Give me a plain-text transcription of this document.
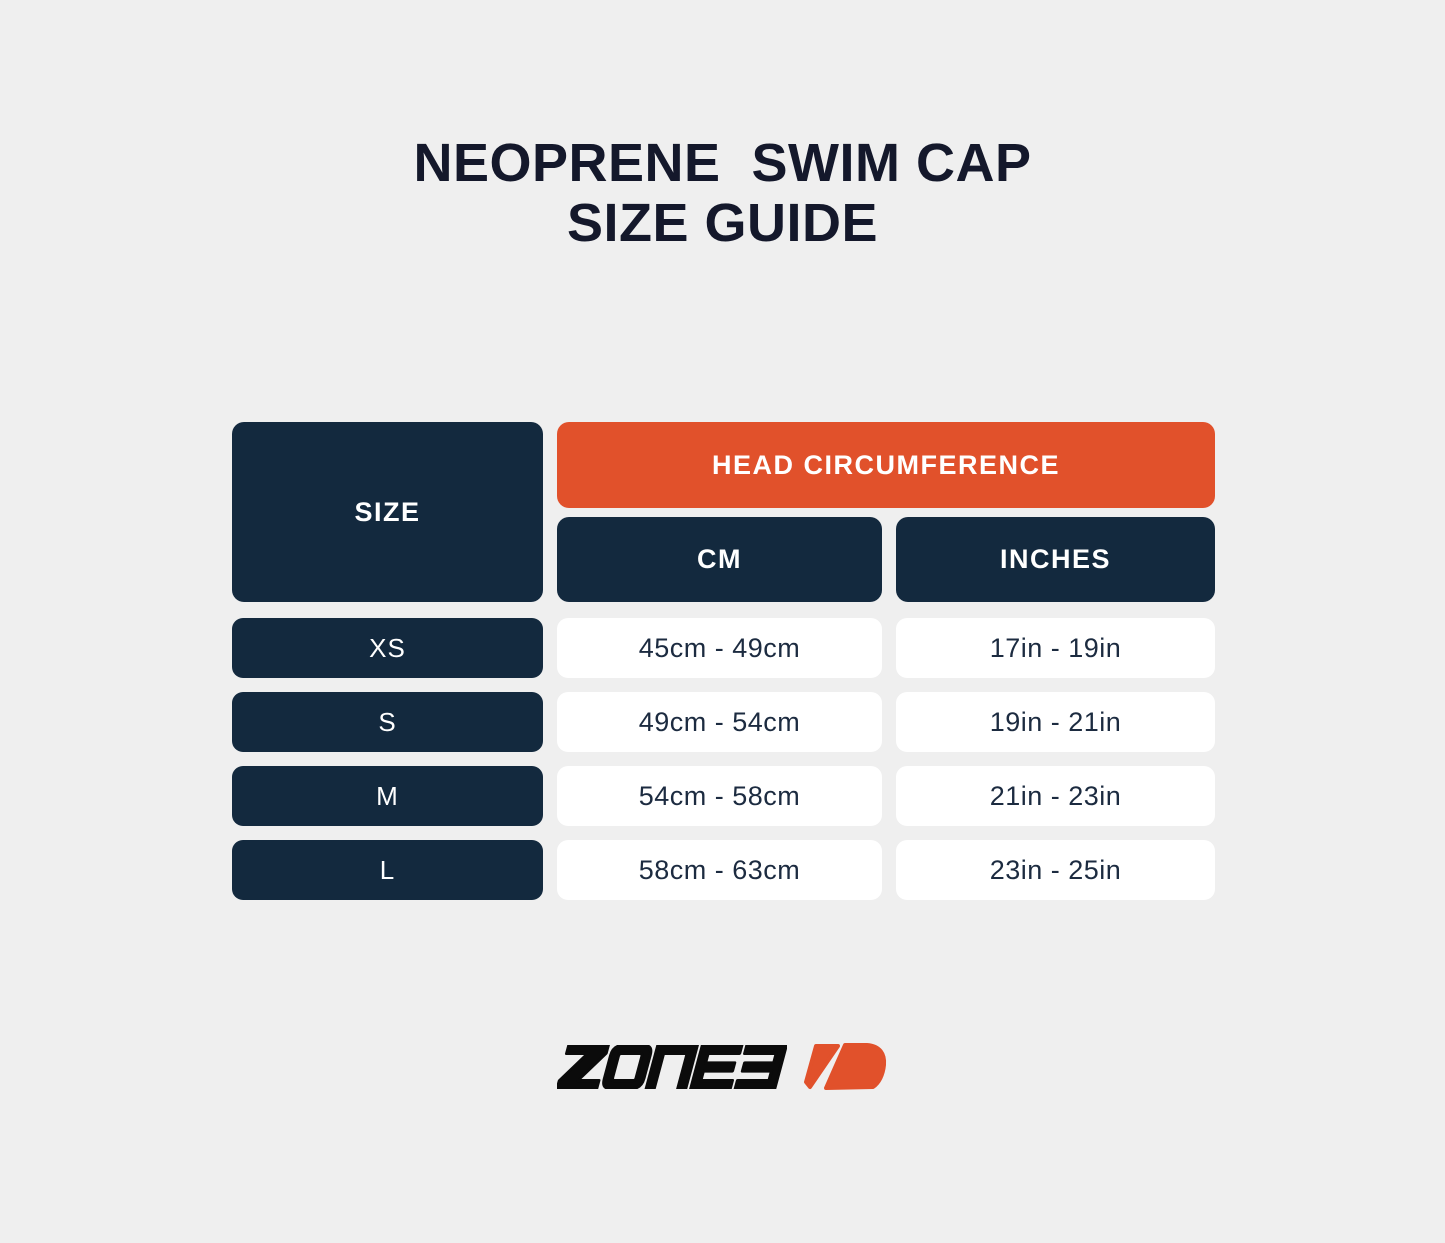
NEOPRENE  SWIM CAP
SIZE GUIDE
SIZE
HEAD CIRCUMFERENCE
CM	INCHES
XS	45cm - 49cm	17in - 19in
S	49cm - 54cm	19in - 21in
M	54cm - 58cm	21in - 23in
L	58cm - 63cm	23in - 25in
